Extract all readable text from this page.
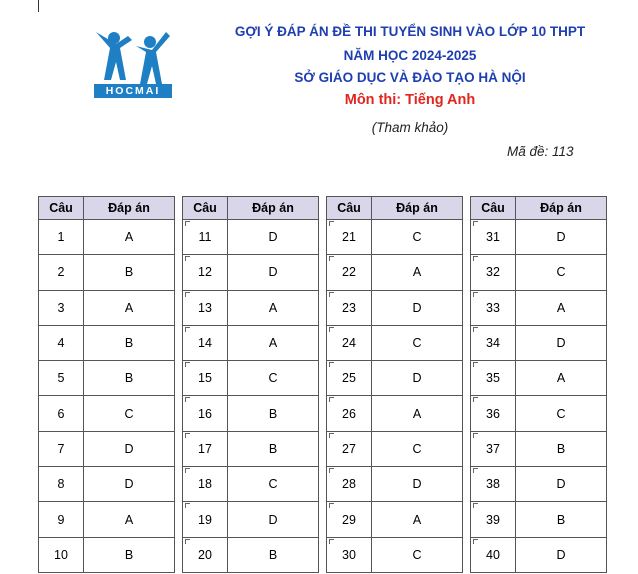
HOCMAI
GỢI Ý ĐÁP ÁN ĐỀ THI TUYỂN SINH VÀO LỚP 10 THPT
NĂM HỌC 2024-2025
SỞ GIÁO DỤC VÀ ĐÀO TẠO HÀ NỘI
Môn thi: Tiếng Anh
(Tham khảo)
Mã đề: 113
Câu	Đáp án
1	A
2	B
3	A
4	B
5	B
6	C
7	D
8	D
9	A
10	B
Câu	Đáp án
11	D
12	D
13	A
14	A
15	C
16	B
17	B
18	C
19	D
20	B
Câu	Đáp án
21	C
22	A
23	D
24	C
25	D
26	A
27	C
28	D
29	A
30	C
Câu	Đáp án
31	D
32	C
33	A
34	D
35	A
36	C
37	B
38	D
39	B
40	D
